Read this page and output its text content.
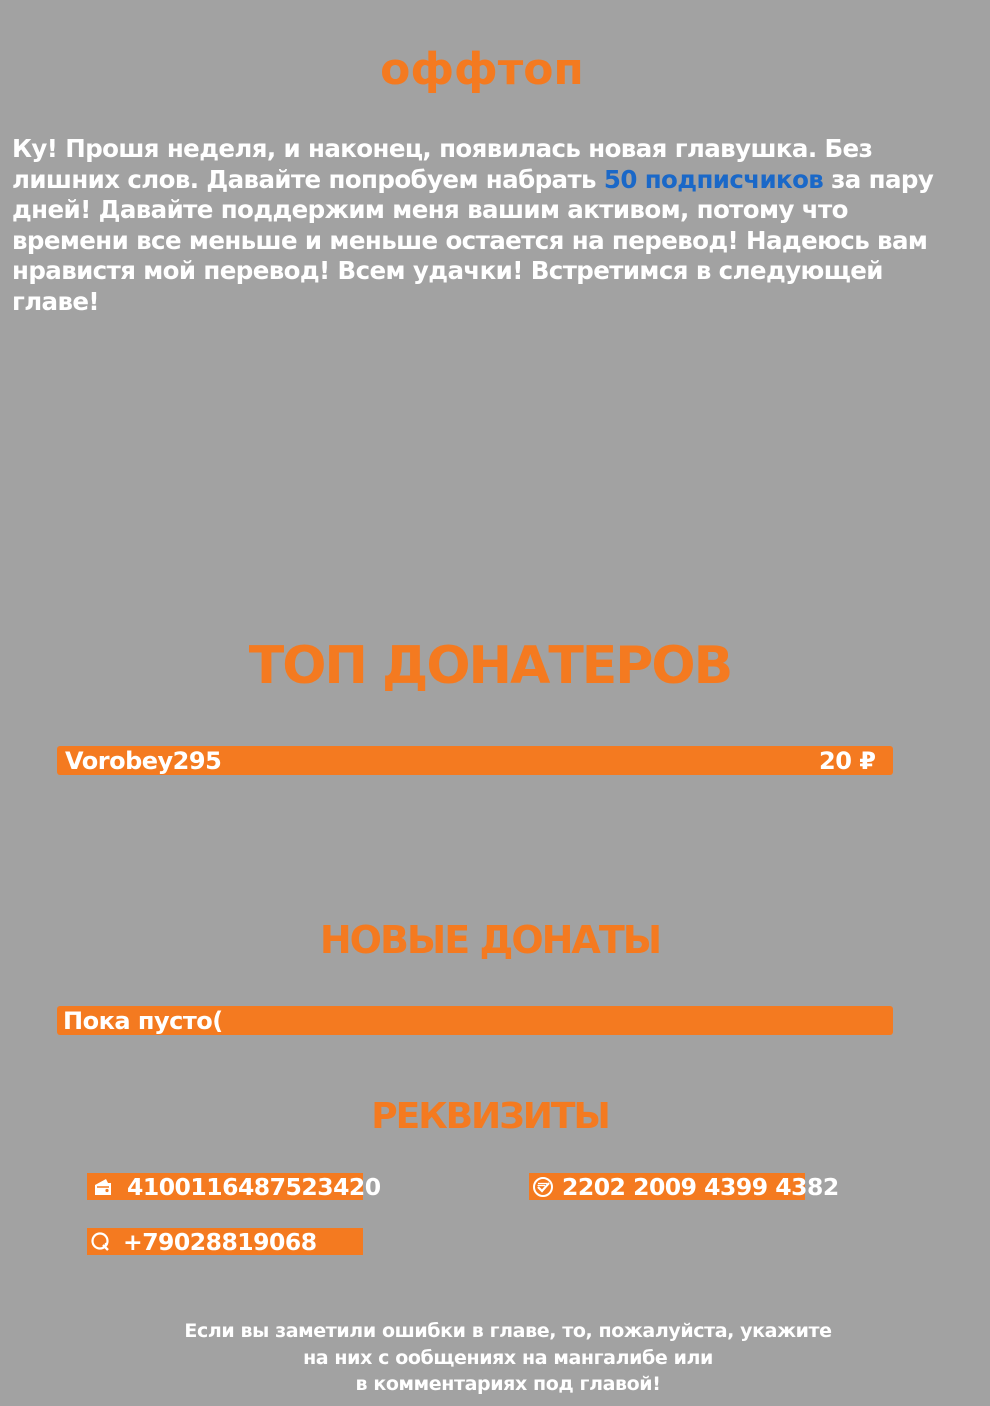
оффтоп
Ку! Прошя неделя, и наконец, появилась новая главушка. Без лишних слов. Давайте попробуем набрать 50 подписчиков за пару дней! Давайте поддержим меня вашим активом, потому что времени все меньше и меньше остается на перевод! Надеюсь вам нравистя мой перевод! Всем удачки! Встретимся в следующей главе!
ТОП ДОНАТЕРОВ
Vorobey295	20 ₽
НОВЫЕ ДОНАТЫ
Пока пусто(
РЕКВИЗИТЫ
4100116487523420	2202 2009 4399 4382
+79028819068
Если вы заметили ошибки в главе, то, пожалуйста, укажите
на них с ообщениях на мангалибе или
в комментариях под главой!
